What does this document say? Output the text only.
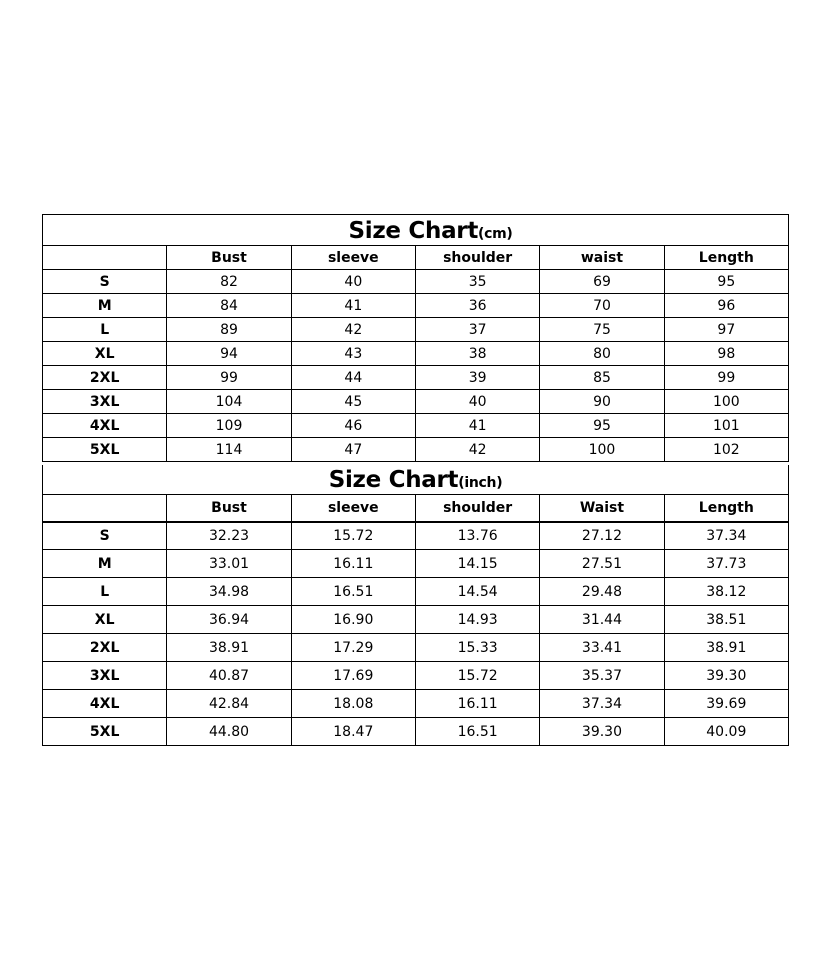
Size Chart(cm)
	Bust	sleeve	shoulder	waist	Length
S	82	40	35	69	95
M	84	41	36	70	96
L	89	42	37	75	97
XL	94	43	38	80	98
2XL	99	44	39	85	99
3XL	104	45	40	90	100
4XL	109	46	41	95	101
5XL	114	47	42	100	102
Size Chart(inch)
	Bust	sleeve	shoulder	Waist	Length
S	32.23	15.72	13.76	27.12	37.34
M	33.01	16.11	14.15	27.51	37.73
L	34.98	16.51	14.54	29.48	38.12
XL	36.94	16.90	14.93	31.44	38.51
2XL	38.91	17.29	15.33	33.41	38.91
3XL	40.87	17.69	15.72	35.37	39.30
4XL	42.84	18.08	16.11	37.34	39.69
5XL	44.80	18.47	16.51	39.30	40.09
